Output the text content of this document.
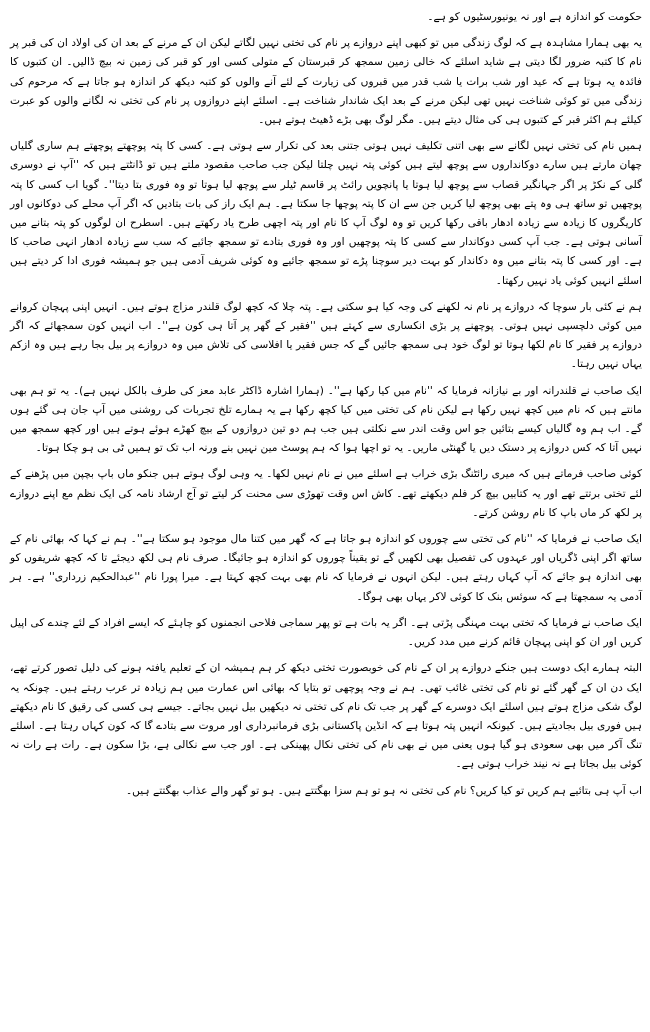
حکومت کو اندازہ ہے اور نہ یونیورسٹیوں کو ہے۔

یہ بھی ہمارا مشاہدہ ہے کہ لوگ زندگی میں تو کبھی اپنے دروازے پر نام کی تختی نہیں لگاتے لیکن ان کے مرنے کے بعد ان کی اولاد ان کی قبر پر نام کا کتبہ ضرور لگا دیتی ہے شاید اسلئے کہ خالی زمین سمجھ کر قبرستان کے متولی کسی اور کو قبر کی زمین نہ بیچ ڈالیں۔ ان کتبوں کا فائدہ یہ ہوتا ہے کہ عید اور شب برات یا شب قدر میں قبروں کی زیارت کے لئے آنے والوں کو کتبہ دیکھ کر اندازہ ہو جاتا ہے کہ مرحوم کی زندگی میں تو کوئی شناخت نہیں تھی لیکن مرنے کے بعد ایک شاندار شناخت ہے۔ اسلئے اپنے دروازوں پر نام کی تختی نہ لگانے والوں کو عبرت کیلئے ہم اکثر قبر کے کتبوں ہی کی مثال دیتے ہیں۔ مگر لوگ بھی بڑے ڈھیٹ ہوتے ہیں۔

ہمیں نام کی تختی نہیں لگانے سے بھی اتنی تکلیف نہیں ہوتی جتنی بعد کی تکرار سے ہوتی ہے۔ کسی کا پتہ پوچھتے پوچھتے ہم ساری گلیاں چھان مارتے ہیں سارے دوکانداروں سے پوچھ لیتے ہیں کوئی پتہ نہیں چلتا لیکن جب صاحب مقصود ملتے ہیں تو ڈانٹتے ہیں کہ ''آپ نے دوسری گلی کے نکڑ پر اگر جہانگیر قصاب سے پوچھ لیا ہوتا یا پانچویں رائٹ پر قاسم ٹیلر سے پوچھ لیا ہوتا تو وہ فوری بتا دیتا''۔ گویا اب کسی کا پتہ پوچھیں تو ساتھ ہی وہ پتے بھی پوچھ لیا کریں جن سے ان کا پتہ پوچھا جا سکتا ہے۔ ہم ایک راز کی بات بتادیں کہ اگر آپ محلے کی دوکانوں اور کاریگروں کا زیادہ سے زیادہ ادھار باقی رکھا کریں تو وہ لوگ آپ کا نام اور پتہ اچھی طرح یاد رکھتے ہیں۔ اسطرح ان لوگوں کو پتہ بتانے میں آسانی ہوتی ہے۔ جب آپ کسی دوکاندار سے کسی کا پتہ پوچھیں اور وہ فوری بتادے تو سمجھ جائیے کہ سب سے زیادہ ادھار انہی صاحب کا ہے۔ اور کسی کا پتہ بتانے میں وہ دکاندار کو بہت دیر سوچنا پڑے تو سمجھ جائیے وہ کوئی شریف آدمی ہیں جو ہمیشہ فوری ادا کر دیتے ہیں اسلئے انہیں کوئی یاد نہیں رکھتا۔

ہم نے کئی بار سوچا کہ دروازے پر نام نہ لکھنے کی وجہ کیا ہو سکتی ہے۔ پتہ چلا کہ کچھ لوگ قلندر مزاج ہوتے ہیں۔ انہیں اپنی پہچان کروانے میں کوئی دلچسپی نہیں ہوتی۔ پوچھنے پر بڑی انکساری سے کہتے ہیں ''فقیر کے گھر پر آتا ہی کون ہے''۔ اب انہیں کون سمجھائے کہ اگر دروازے پر فقیر کا نام لکھا ہوتا تو لوگ خود ہی سمجھ جائیں گے کہ جس فقیر یا افلاسی کی تلاش میں وہ دروازے پر بیل بجا رہے ہیں وہ ازکم یہاں نہیں رہتا۔

ایک صاحب نے قلندرانہ اور بے نیازانہ فرمایا کہ ''نام میں کیا رکھا ہے''۔ (ہمارا اشارہ ڈاکٹر عابد معز کی طرف بالکل نہیں ہے)۔ یہ تو ہم بھی مانتے ہیں کہ نام میں کچھ نہیں رکھا ہے لیکن نام کی تختی میں کیا کچھ رکھا ہے یہ ہمارے تلخ تجربات کی روشنی میں آپ جان ہی گئے ہوں گے۔ اب ہم وہ گالیاں کیسے بتائیں جو اس وقت اندر سے نکلتی ہیں جب ہم دو تین دروازوں کے بیچ کھڑے ہوئے ہوتے ہیں اور کچھ سمجھ میں نہیں آتا کہ کس دروازے پر دستک دیں یا گھنٹی ماریں۔ یہ تو اچھا ہوا کہ ہم پوسٹ مین نہیں بنے ورنہ اب تک تو ہمیں ٹی بی ہو چکا ہوتا۔

کوئی صاحب فرماتے ہیں کہ میری رائٹنگ بڑی خراب ہے اسلئے میں نے نام نہیں لکھا۔ یہ وہی لوگ ہوتے ہیں جنکو ماں باپ بچپن میں پڑھنے کے لئے تختی برتتے تھے اور یہ کتابیں بیچ کر فلم دیکھتے تھے۔ کاش اس وقت تھوڑی سی محنت کر لیتے تو آج ارشاد نامہ کی ایک نظم مع اپنے دروازے پر لکھ کر ماں باپ کا نام روشن کرتے۔

ایک صاحب نے فرمایا کہ ''نام کی تختی سے چوروں کو اندازہ ہو جاتا ہے کہ گھر میں کتنا مال موجود ہو سکتا ہے''۔ ہم نے کہا کہ بھائی نام کے ساتھ اگر اپنی ڈگریاں اور عہدوں کی تفصیل بھی لکھیں گے تو یقیناً چوروں کو اندازہ ہو جائیگا۔ صرف نام ہی لکھ دیجئے تا کہ کچھ شریفوں کو بھی اندازہ ہو جائے کہ آپ کہاں رہتے ہیں۔ لیکن انہوں نے فرمایا کہ نام بھی بہت کچھ کہتا ہے۔ میرا پورا نام ''عبدالحکیم زرداری'' ہے۔ ہر آدمی یہ سمجھتا ہے کہ سوئس بنک کا کوئی لاکر یہاں بھی ہوگا۔

ایک صاحب نے فرمایا کہ تختی بہت مہنگی پڑتی ہے۔ اگر یہ بات ہے تو پھر سماجی فلاحی انجمنوں کو چاہئے کہ ایسے افراد کے لئے چندے کی اپیل کریں اور ان کو اپنی پہچان قائم کرنے میں مدد کریں۔

البتہ ہمارے ایک دوست ہیں جنکے دروازے پر ان کے نام کی خوبصورت تختی دیکھ کر ہم ہمیشہ ان کے تعلیم یافتہ ہونے کی دلیل تصور کرتے تھے، ایک دن ان کے گھر گئے تو نام کی تختی غائب تھی۔ ہم نے وجہ پوچھی تو بتایا کہ بھائی اس عمارت میں ہم زیادہ تر عرب رہتے ہیں۔ چونکہ یہ لوگ شکی مزاج ہوتے ہیں اسلئے ایک دوسرے کے گھر پر جب تک نام کی تختی نہ دیکھیں بیل نہیں بجاتے۔ جیسے ہی کسی کی رقیق کا نام دیکھتے ہیں فوری بیل بجادیتے ہیں۔ کیونکہ انہیں پتہ ہوتا ہے کہ انڈین پاکستانی بڑی فرمانبرداری اور مروت سے بتادے گا کہ کون کہاں رہتا ہے۔ اسلئے تنگ آکر میں بھی سعودی ہو گیا ہوں یعنی میں نے بھی نام کی تختی نکال پھینکی ہے۔ اور جب سے نکالی ہے، بڑا سکون ہے۔ رات ہے رات نہ کوئی بیل بجاتا ہے نہ نیند خراب ہوتی ہے۔

اب آپ ہی بتائیے ہم کریں تو کیا کریں؟ نام کی تختی نہ ہو تو ہم سزا بھگتتے ہیں۔ ہو تو گھر والے عذاب بھگتتے ہیں۔
